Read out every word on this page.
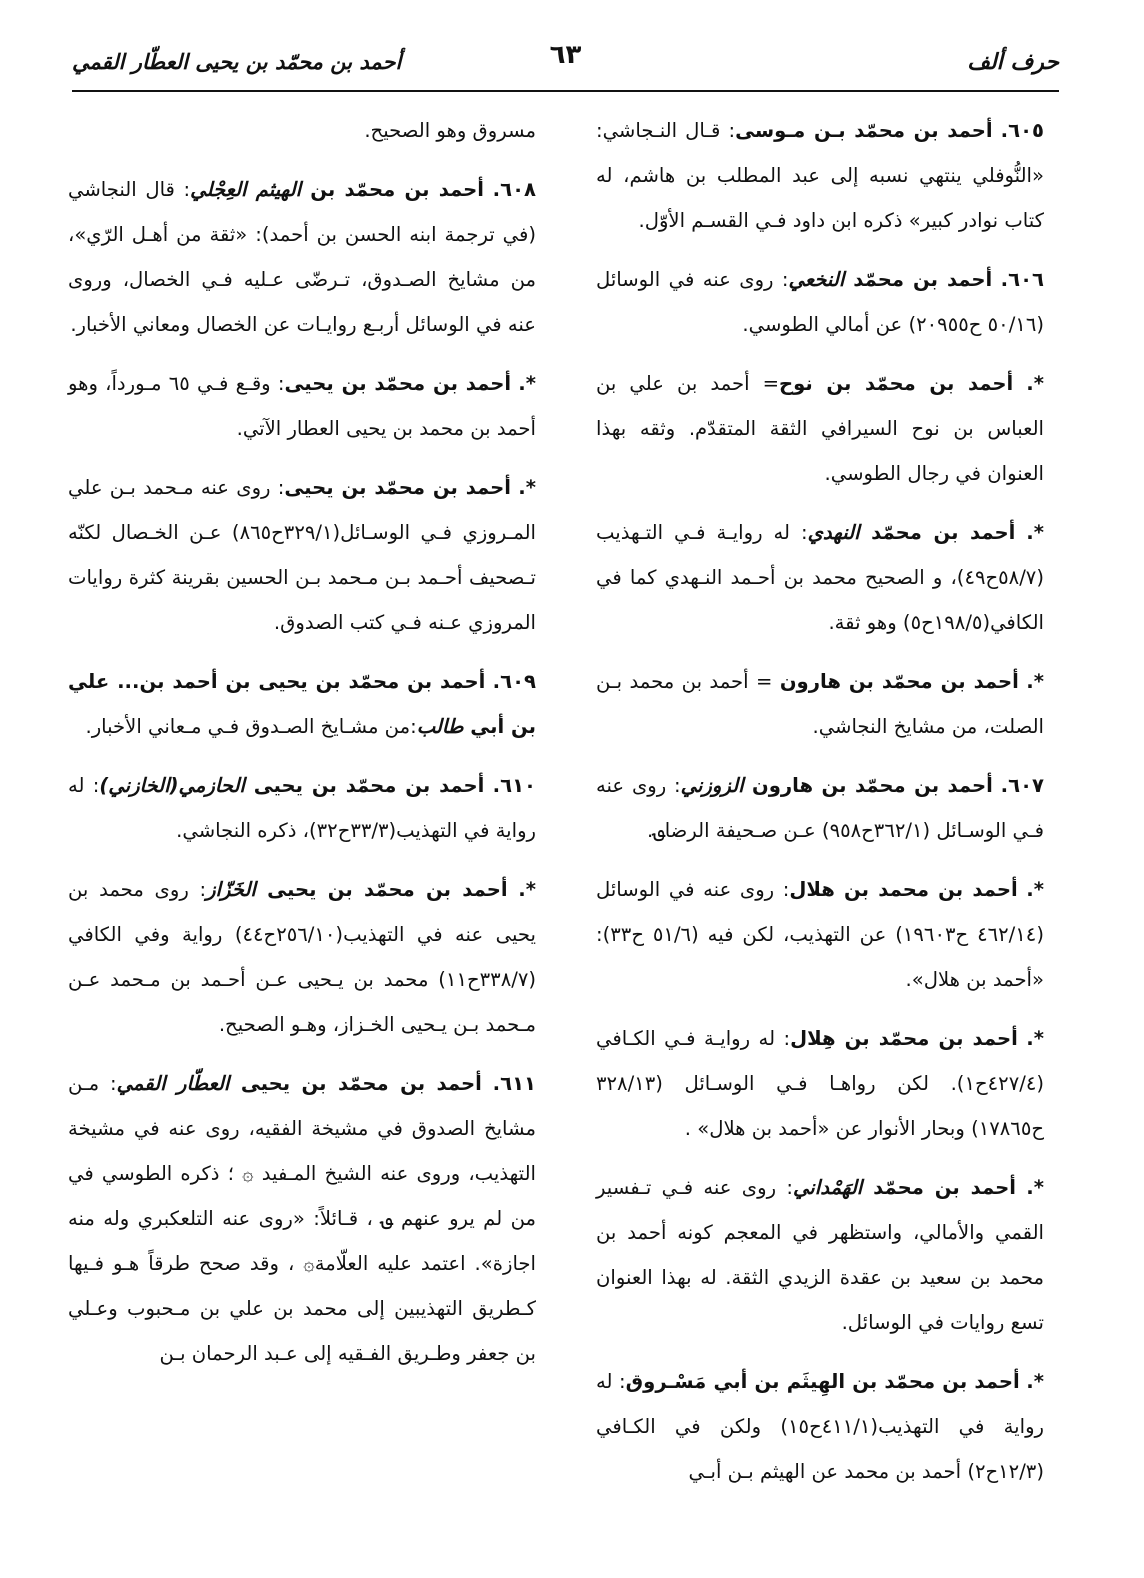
حرف ألف
٦٣
أحمد بن محمّد بن يحيى العطّار القمي

٦٠٥. أحمد بن محمّد بـن مـوسى: قـال النـجاشي: «النُّوفلي ينتهي نسبه إلى عبد المطلب بن هاشم، له كتاب نوادر كبير» ذكره ابن داود فـي القسـم الأوّل.

٦٠٦. أحمد بن محمّد النخعي: روى عنه في الوسائل (٥٠/١٦ ح٢٠٩٥٥) عن أمالي الطوسي.

*. أحمد بن محمّد بن نوح= أحمد بن علي بن العباس بن نوح السيرافي الثقة المتقدّم. وثقه بهذا العنوان في رجال الطوسي.

*. أحمد بن محمّد النهدي: له روايـة فـي التـهذيب (٥٨/٧ح٤٩)، و الصحيح محمد بن أحـمد النـهدي كما في الكافي(١٩٨/٥ح٥) وهو ثقة.

*. أحمد بن محمّد بن هارون = أحمد بن محمد بـن الصلت، من مشايخ النجاشي.

٦٠٧. أحمد بن محمّد بن هارون الزوزني: روى عنه فـي الوسـائل (٣٦٢/١ح٩٥٨) عـن صـحيفة الرضا؈.

*. أحمد بن محمد بن هلال: روى عنه في الوسائل (٤٦٢/١٤ ح١٩٦٠٣) عن التهذيب، لكن فيه (٥١/٦ ح٣٣): «أحمد بن هلال».

*. أحمد بن محمّد بن هِلال: له روايـة فـي الكـافي (٤٢٧/٤ح١). لكن رواهـا فـي الوسـائل (٣٢٨/١٣ ح١٧٨٦٥) وبحار الأنوار عن «أحمد بن هلال» .

*. أحمد بن محمّد الهَمْداني: روى عنه فـي تـفسير القمي والأمالي، واستظهر في المعجم كونه أحمد بن محمد بن سعيد بن عقدة الزيدي الثقة. له بهذا العنوان تسع روايات في الوسائل.

*. أحمد بن محمّد بن الهِيثَم بن أبي مَسْـروق: له رواية في التهذيب(٤١١/١ح١٥) ولكن في الكـافي (١٢/٣ح٢) أحمد بن محمد عن الهيثم بـن أبـي

مسروق وهو الصحيح.

٦٠٨. أحمد بن محمّد بن الهيثم العِجْلي: قال النجاشي (في ترجمة ابنه الحسن بن أحمد): «ثقة من أهـل الرّي»، من مشايخ الصـدوق، تـرضّى عـليه فـي الخصال، وروى عنه في الوسائل أربـع روايـات عن الخصال ومعاني الأخبار.

*. أحمد بن محمّد بن يحيى: وقـع فـي ٦٥ مـورداً، وهو أحمد بن محمد بن يحيى العطار الآتي.

*. أحمد بن محمّد بن يحيى: روى عنه مـحمد بـن علي المـروزي فـي الوسـائل(٣٢٩/١ح٨٦٥) عـن الخـصال لكنّه تـصحيف أحـمد بـن مـحمد بـن الحسين بقرينة كثرة روايات المروزي عـنه فـي كتب الصدوق.

٦٠٩. أحمد بن محمّد بن يحيى بن أحمد بن... علي بن أبي طالب:من مشـايخ الصـدوق فـي مـعاني الأخبار.

٦١٠. أحمد بن محمّد بن يحيى الحازمي(الخازني): له رواية في التهذيب(٣٣/٣ح٣٢)، ذكره النجاشي.

*. أحمد بن محمّد بن يحيى الخَزّاز: روى محمد بن يحيى عنه في التهذيب(٢٥٦/١٠ح٤٤) رواية وفي الكافي (٣٣٨/٧ح١١) محمد بن يـحيى عـن أحـمد بن مـحمد عـن مـحمد بـن يـحيى الخـزاز، وهـو الصحيح.

٦١١. أحمد بن محمّد بن يحيى العطّار القمي: مـن مشايخ الصدوق في مشيخة الفقيه، روى عنه في مشيخة التهذيب، وروى عنه الشيخ المـفيد ۞ ؛ ذكره الطوسي في من لم يرو عنهم ؈ ، قـائلاً: «روى عنه التلعكبري وله منه اجازة». اعتمد عليه العلّامة۞ ، وقد صحح طرقاً هـو فـيها كـطريق التهذيبين إلى محمد بن علي بن مـحبوب وعـلي بن جعفر وطـريق الفـقيه إلى عـبد الرحمان بـن
